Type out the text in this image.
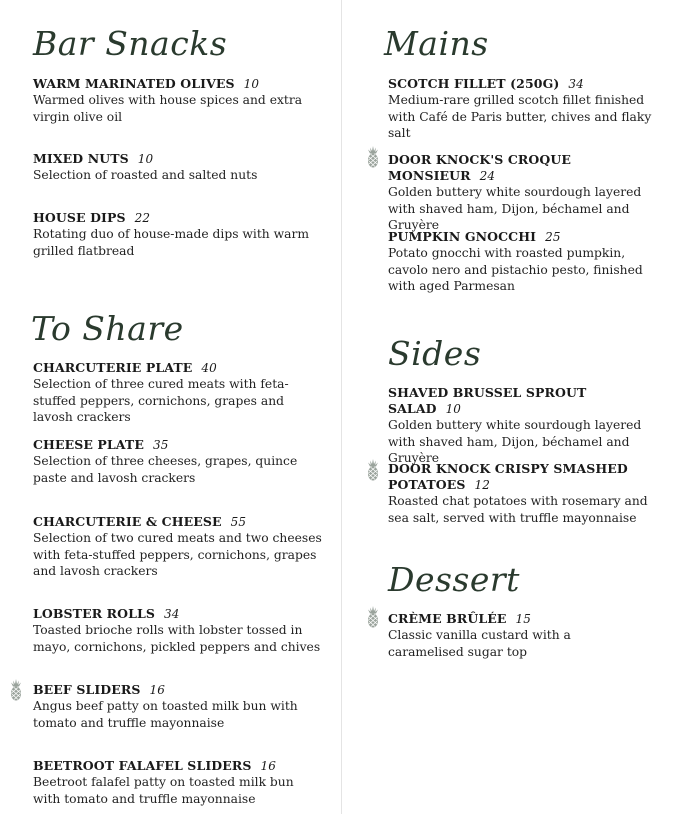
Bar Snacks
WARM MARINATED OLIVES 10
Warmed olives with house spices and extra virgin olive oil
MIXED NUTS 10
Selection of roasted and salted nuts
HOUSE DIPS 22
Rotating duo of house-made dips with warm grilled flatbread
To Share
CHARCUTERIE PLATE 40
Selection of three cured meats with feta-stuffed peppers, cornichons, grapes and lavosh crackers
CHEESE PLATE 35
Selection of three cheeses, grapes, quince paste and lavosh crackers
CHARCUTERIE & CHEESE 55
Selection of two cured meats and two cheeses with feta-stuffed peppers, cornichons, grapes and lavosh crackers
LOBSTER ROLLS 34
Toasted brioche rolls with lobster tossed in mayo, cornichons, pickled peppers and chives
BEEF SLIDERS 16
Angus beef patty on toasted milk bun with tomato and truffle mayonnaise
BEETROOT FALAFEL SLIDERS 16
Beetroot falafel patty on toasted milk bun with tomato and truffle mayonnaise
Mains
SCOTCH FILLET (250G) 34
Medium-rare grilled scotch fillet finished with Café de Paris butter, chives and flaky salt
DOOR KNOCK'S CROQUE MONSIEUR 24
Golden buttery white sourdough layered with shaved ham, Dijon, béchamel and Gruyère
PUMPKIN GNOCCHI 25
Potato gnocchi with roasted pumpkin, cavolo nero and pistachio pesto, finished with aged Parmesan
Sides
SHAVED BRUSSEL SPROUT SALAD 10
Golden buttery white sourdough layered with shaved ham, Dijon, béchamel and Gruyère
DOOR KNOCK CRISPY SMASHED POTATOES 12
Roasted chat potatoes with rosemary and sea salt, served with truffle mayonnaise
Dessert
CRÈME BRÛLÉE 15
Classic vanilla custard with a caramelised sugar top
